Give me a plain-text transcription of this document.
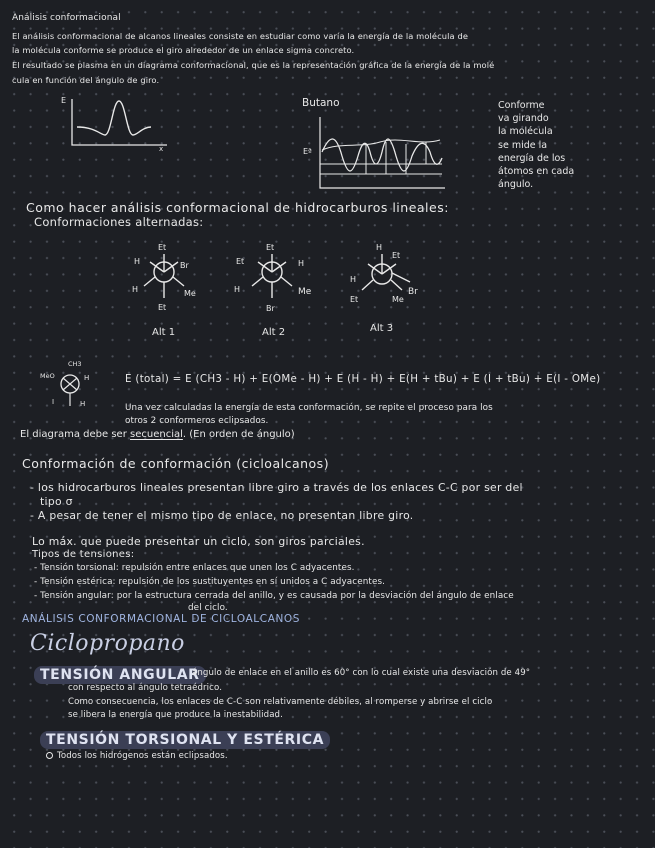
Análisis conformacional
El análisis conformacional de alcanos lineales consiste en estudiar como varía la energía de la molécula de
la molécula conforme se produce el giro alrededor de un enlace sigma concreto.
El resultado se plasma en un diagrama conformacional, que es la representación gráfica de la energía de la molé
cula en función del ángulo de giro.
E
x
Butano
Eª
Conforme
va girando
la molécula
se mide la
energía de los
átomos en cada
ángulo.
Como hacer análisis conformacional de hidrocarburos lineales:
Conformaciones alternadas:
Et
H	Br
H	Me
Et
Alt 1
Et
Et	H
H	Me
Br
Alt 2
H
Et
H
Br
Et	Me
Alt 3
CH3
MeO	H
I	H
E (total) = E (CH3 - H) + E(OMe - H) + E (H - H) + E(H + tBu) + E (I + tBu) + E(I - OMe)
Una vez calculadas la energía de esta conformación, se repite el proceso para los
otros 2 conformeros eclipsados.
El diagrama debe ser secuencial. (En orden de ángulo)
Conformación de conformación (cicloalcanos)
- los hidrocarburos lineales presentan libre giro a través de los enlaces C-C por ser del
tipo σ
- A pesar de tener el mismo tipo de enlace, no presentan libre giro.
Lo máx. que puede presentar un ciclo, son giros parciales.
Tipos de tensiones:
- Tensión torsional: repulsión entre enlaces que unen los C adyacentes.
- Tensión estérica: repulsión de los sustituyentes en sí unidos a C adyacentes.
- Tensión angular: por la estructura cerrada del anillo, y es causada por la desviación del ángulo de enlace
del ciclo.
ANÁLISIS CONFORMACIONAL DE CICLOALCANOS
Ciclopropano
TENSIÓN ANGULAR
ángulo de enlace en el anillo es 60° con lo cual existe una desviación de 49°
con respecto al ángulo tetraédrico.
Como consecuencia, los enlaces de C-C son relativamente débiles, al romperse y abrirse el ciclo
se libera la energía que produce la inestabilidad.
TENSIÓN TORSIONAL Y ESTÉRICA
Todos los hidrógenos están eclipsados.
